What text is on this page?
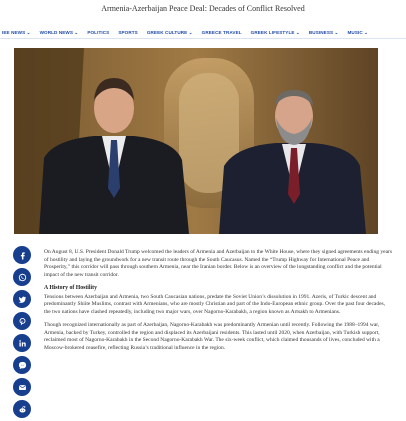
Armenia-Azerbaijan Peace Deal: Decades of Conflict Resolved
IEE NEWS ⌄ WORLD NEWS ⌄ POLITICS SPORTS GREEK CULTURE ⌄ GREECE TRAVEL GREEK LIFESTYLE ⌄ BUSINESS ⌄ MUSIC ⌄

On August 8, U.S. President Donald Trump welcomed the leaders of Armenia and Azerbaijan to the White House, where they signed agreements ending years of hostility and laying the groundwork for a new transit route through the South Caucasus. Named the “Trump Highway for International Peace and Prosperity,” this corridor will pass through southern Armenia, near the Iranian border. Below is an overview of the longstanding conflict and the potential impact of the new transit corridor.

A History of Hostility

Tensions between Azerbaijan and Armenia, two South Caucasian nations, predate the Soviet Union’s dissolution in 1991. Azeris, of Turkic descent and predominantly Shiite Muslims, contrast with Armenians, who are mostly Christian and part of the Indo-European ethnic group. Over the past four decades, the two nations have clashed repeatedly, including two major wars, over Nagorno-Karabakh, a region known as Artsakh to Armenians.

Though recognized internationally as part of Azerbaijan, Nagorno-Karabakh was predominantly Armenian until recently. Following the 1988–1994 war, Armenia, backed by Turkey, controlled the region and displaced its Azerbaijani residents. This lasted until 2020, when Azerbaijan, with Turkish support, reclaimed most of Nagorno-Karabakh in the Second Nagorno-Karabakh War. The six-week conflict, which claimed thousands of lives, concluded with a Moscow-brokered ceasefire, reflecting Russia’s traditional influence in the region.
